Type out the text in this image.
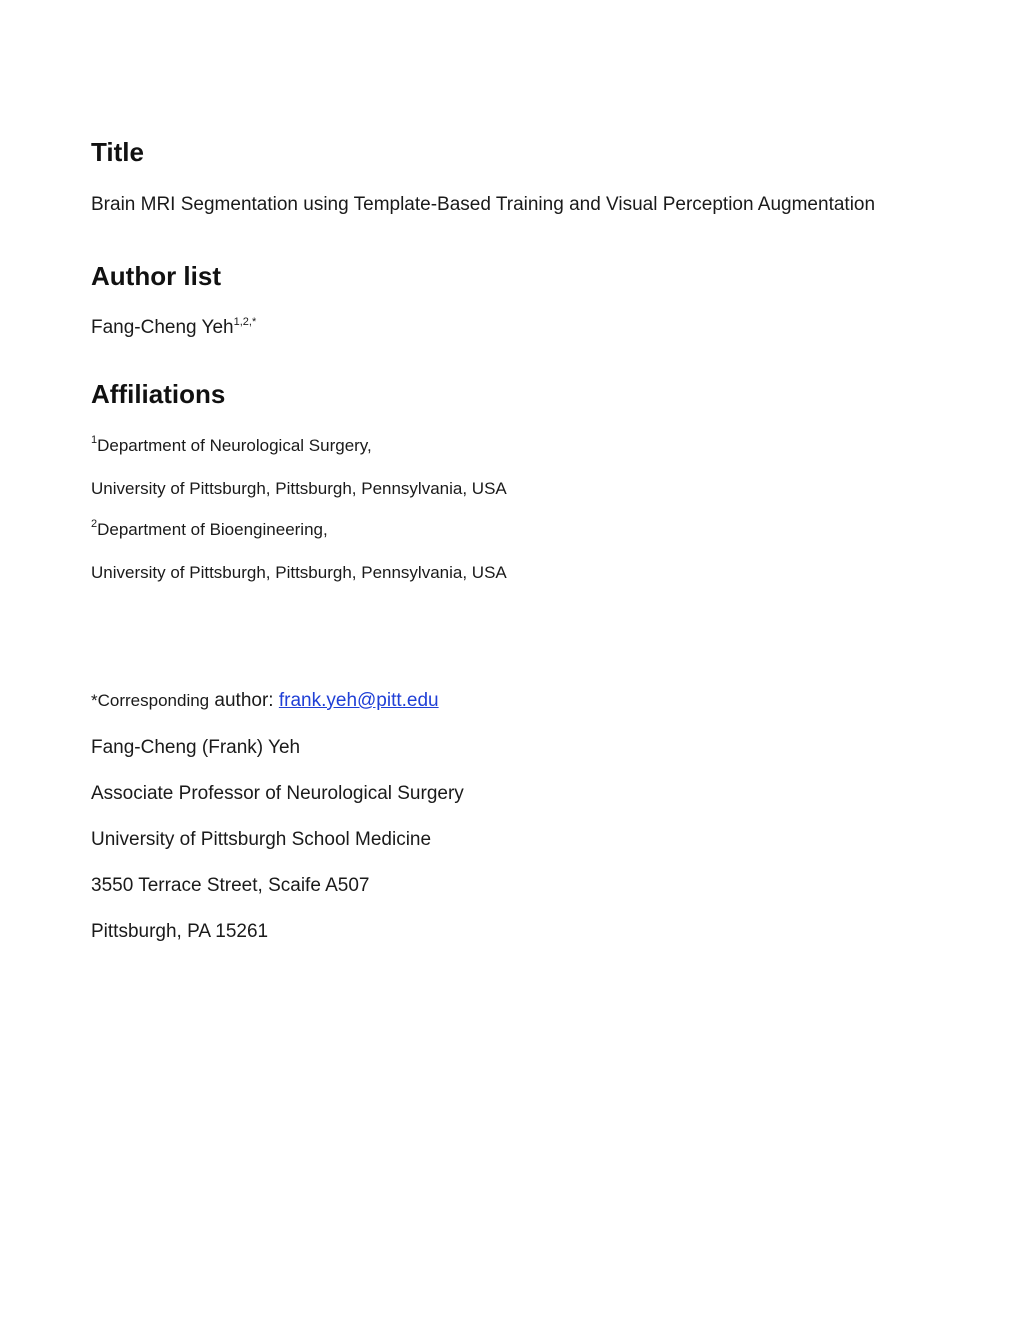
Title
Brain MRI Segmentation using Template-Based Training and Visual Perception Augmentation
Author list
Fang-Cheng Yeh$^{1,2,*}$
Affiliations
$^1$Department of Neurological Surgery,
University of Pittsburgh, Pittsburgh, Pennsylvania, USA
$^2$Department of Bioengineering,
University of Pittsburgh, Pittsburgh, Pennsylvania, USA
*Corresponding author: frank.yeh@pitt.edu
Fang-Cheng (Frank) Yeh
Associate Professor of Neurological Surgery
University of Pittsburgh School Medicine
3550 Terrace Street, Scaife A507
Pittsburgh, PA 15261
